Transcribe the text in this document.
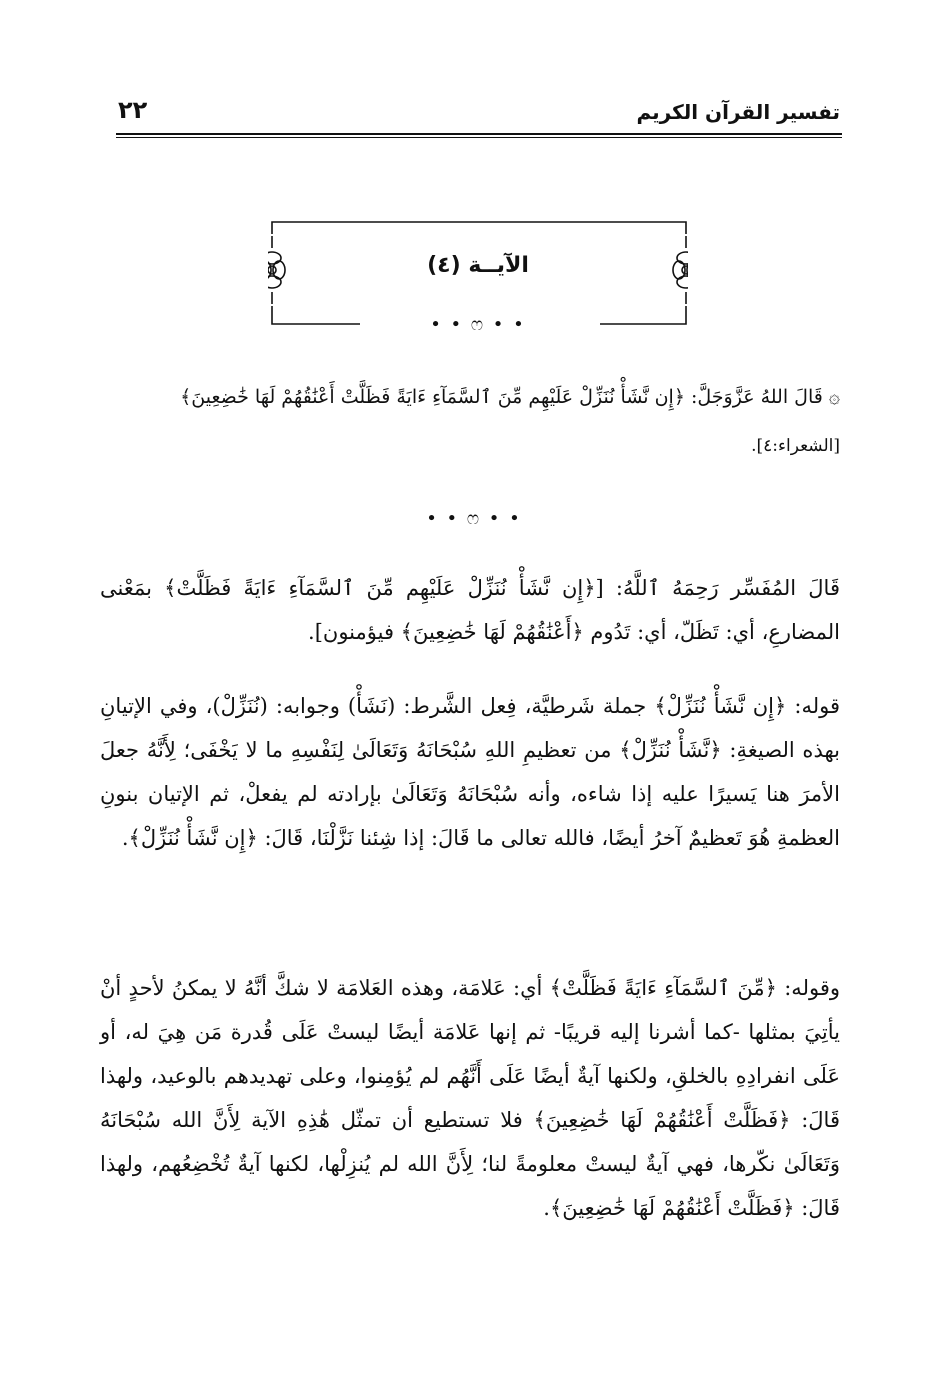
تفسير القرآن الكريم
٢٢
الآيــة (٤)
• • ෆ • •
۞ قَالَ اللهُ عَزَّوَجَلَّ: ﴿إِن نَّشَأْ نُنَزِّلْ عَلَيْهِم مِّنَ ٱلسَّمَآءِ ءَايَةً فَظَلَّتْ أَعْنَٰقُهُمْ لَهَا خَٰضِعِينَ﴾
[الشعراء:٤].
• • ෆ • •
قَالَ المُفَسِّر رَحِمَهُ ٱللَّهُ: [﴿إِن نَّشَأْ نُنَزِّلْ عَلَيْهِم مِّنَ ٱلسَّمَآءِ ءَايَةً فَظَلَّتْ﴾ بمَعْنى المضارعِ، أي: تَظَلّ، أي: تَدُوم ﴿أَعْنَٰقُهُمْ لَهَا خَٰضِعِينَ﴾ فيؤمنون].
قوله: ﴿إِن نَّشَأْ نُنَزِّلْ﴾ جملة شَرطيَّة، فِعل الشَّرط: (نَشَأْ) وجوابه: (نُنَزِّلْ)، وفي الإتيانِ بهذه الصيغةِ: ﴿نَّشَأْ نُنَزِّلْ﴾ من تعظيمِ اللهِ سُبْحَانَهُ وَتَعَالَىٰ لِنَفْسِهِ ما لا يَخْفَى؛ لِأَنَّهُ جعلَ الأمرَ هنا يَسيرًا عليه إذا شاءه، وأنه سُبْحَانَهُ وَتَعَالَىٰ بإرادته لم يفعلْ، ثم الإتيان بنونِ العظمةِ هُوَ تَعظيمٌ آخرُ أيضًا، فالله تعالى ما قَالَ: إذا شِئنا نَزَّلْنَا، قَالَ: ﴿إِن نَّشَأْ نُنَزِّلْ﴾.
وقوله: ﴿مِّنَ ٱلسَّمَآءِ ءَايَةً فَظَلَّتْ﴾ أي: عَلامَة، وهذه العَلامَة لا شكَّ أنَّهُ لا يمكنُ لأحدٍ أنْ يأتِيَ بمثلها -كما أشرنا إليه قريبًا- ثم إنها عَلامَة أيضًا ليستْ عَلَى قُدرة مَن هِيَ له، أو عَلَى انفرادِهِ بالخلقِ، ولكنها آيةٌ أيضًا عَلَى أَنَّهُم لم يُؤمِنوا، وعلى تهديدهم بالوعيد، ولهذا قَالَ: ﴿فَظَلَّتْ أَعْنَٰقُهُمْ لَهَا خَٰضِعِينَ﴾ فلا تستطيع أن تمثّل هَٰذِهِ الآية لِأَنَّ الله سُبْحَانَهُ وَتَعَالَىٰ نكّرها، فهي آيةٌ ليستْ معلومةً لنا؛ لِأَنَّ الله لم يُنزِلْها، لكنها آيةٌ تُخْضِعُهم، ولهذا قَالَ: ﴿فَظَلَّتْ أَعْنَٰقُهُمْ لَهَا خَٰضِعِينَ﴾.
